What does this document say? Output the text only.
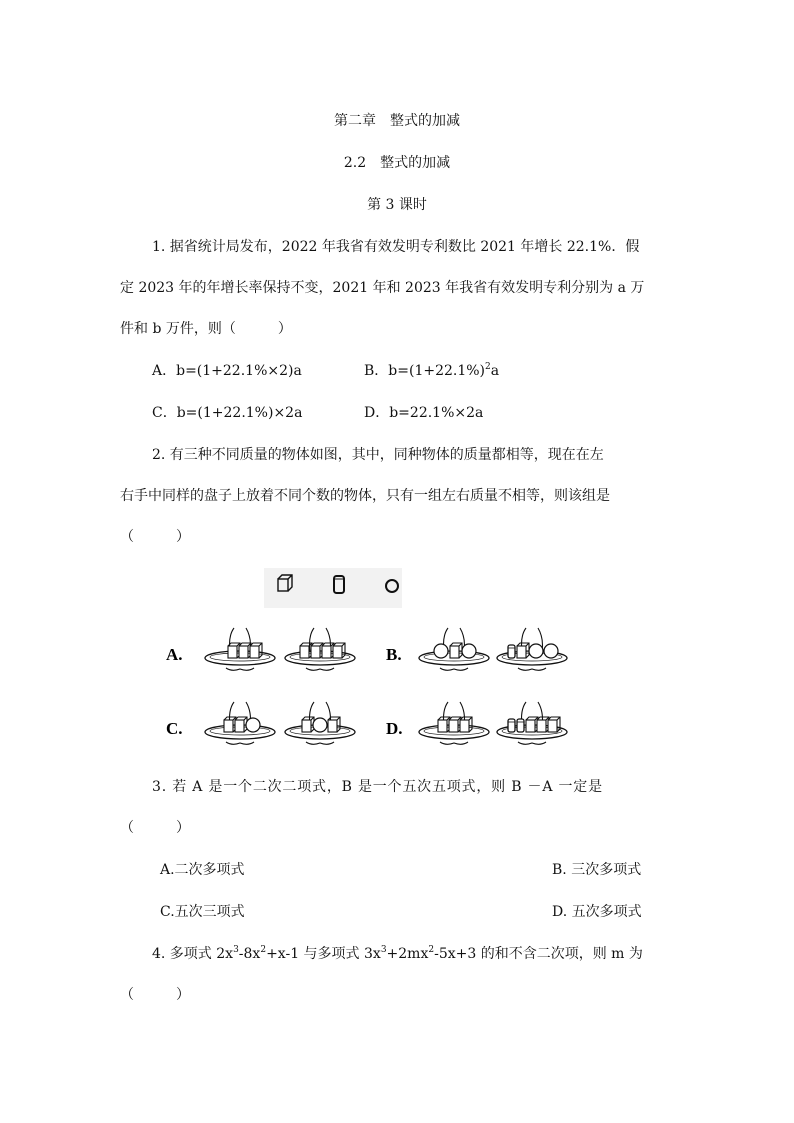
第二章　整式的加减
2.2　整式的加减
第 3 课时
1. 据省统计局发布，2022 年我省有效发明专利数比 2021 年增长 22.1%．假
定 2023 年的年增长率保持不变，2021 年和 2023 年我省有效发明专利分别为 a 万
件和 b 万件，则（　　　）
A．b=(1+22.1%×2)a	B．$b=(1+22.1\%)^2a$
C．b=(1+22.1%)×2a	D．b=22.1%×2a
2. 有三种不同质量的物体如图，其中，同种物体的质量都相等，现在在左
右手中同样的盘子上放着不同个数的物体，只有一组左右质量不相等，则该组是
（　　　）
A.	B.
C.	D.
3. 若 A 是一个二次二项式，B 是一个五次五项式，则 B －A 一定是
（　　　）
A.二次多项式	B. 三次多项式
C.五次三项式	D. 五次多项式
4. 多项式 $2x^3-8x^2+x-1$ 与多项式 $3x^3+2mx^2-5x+3$ 的和不含二次项，则 m 为
（　　　）
